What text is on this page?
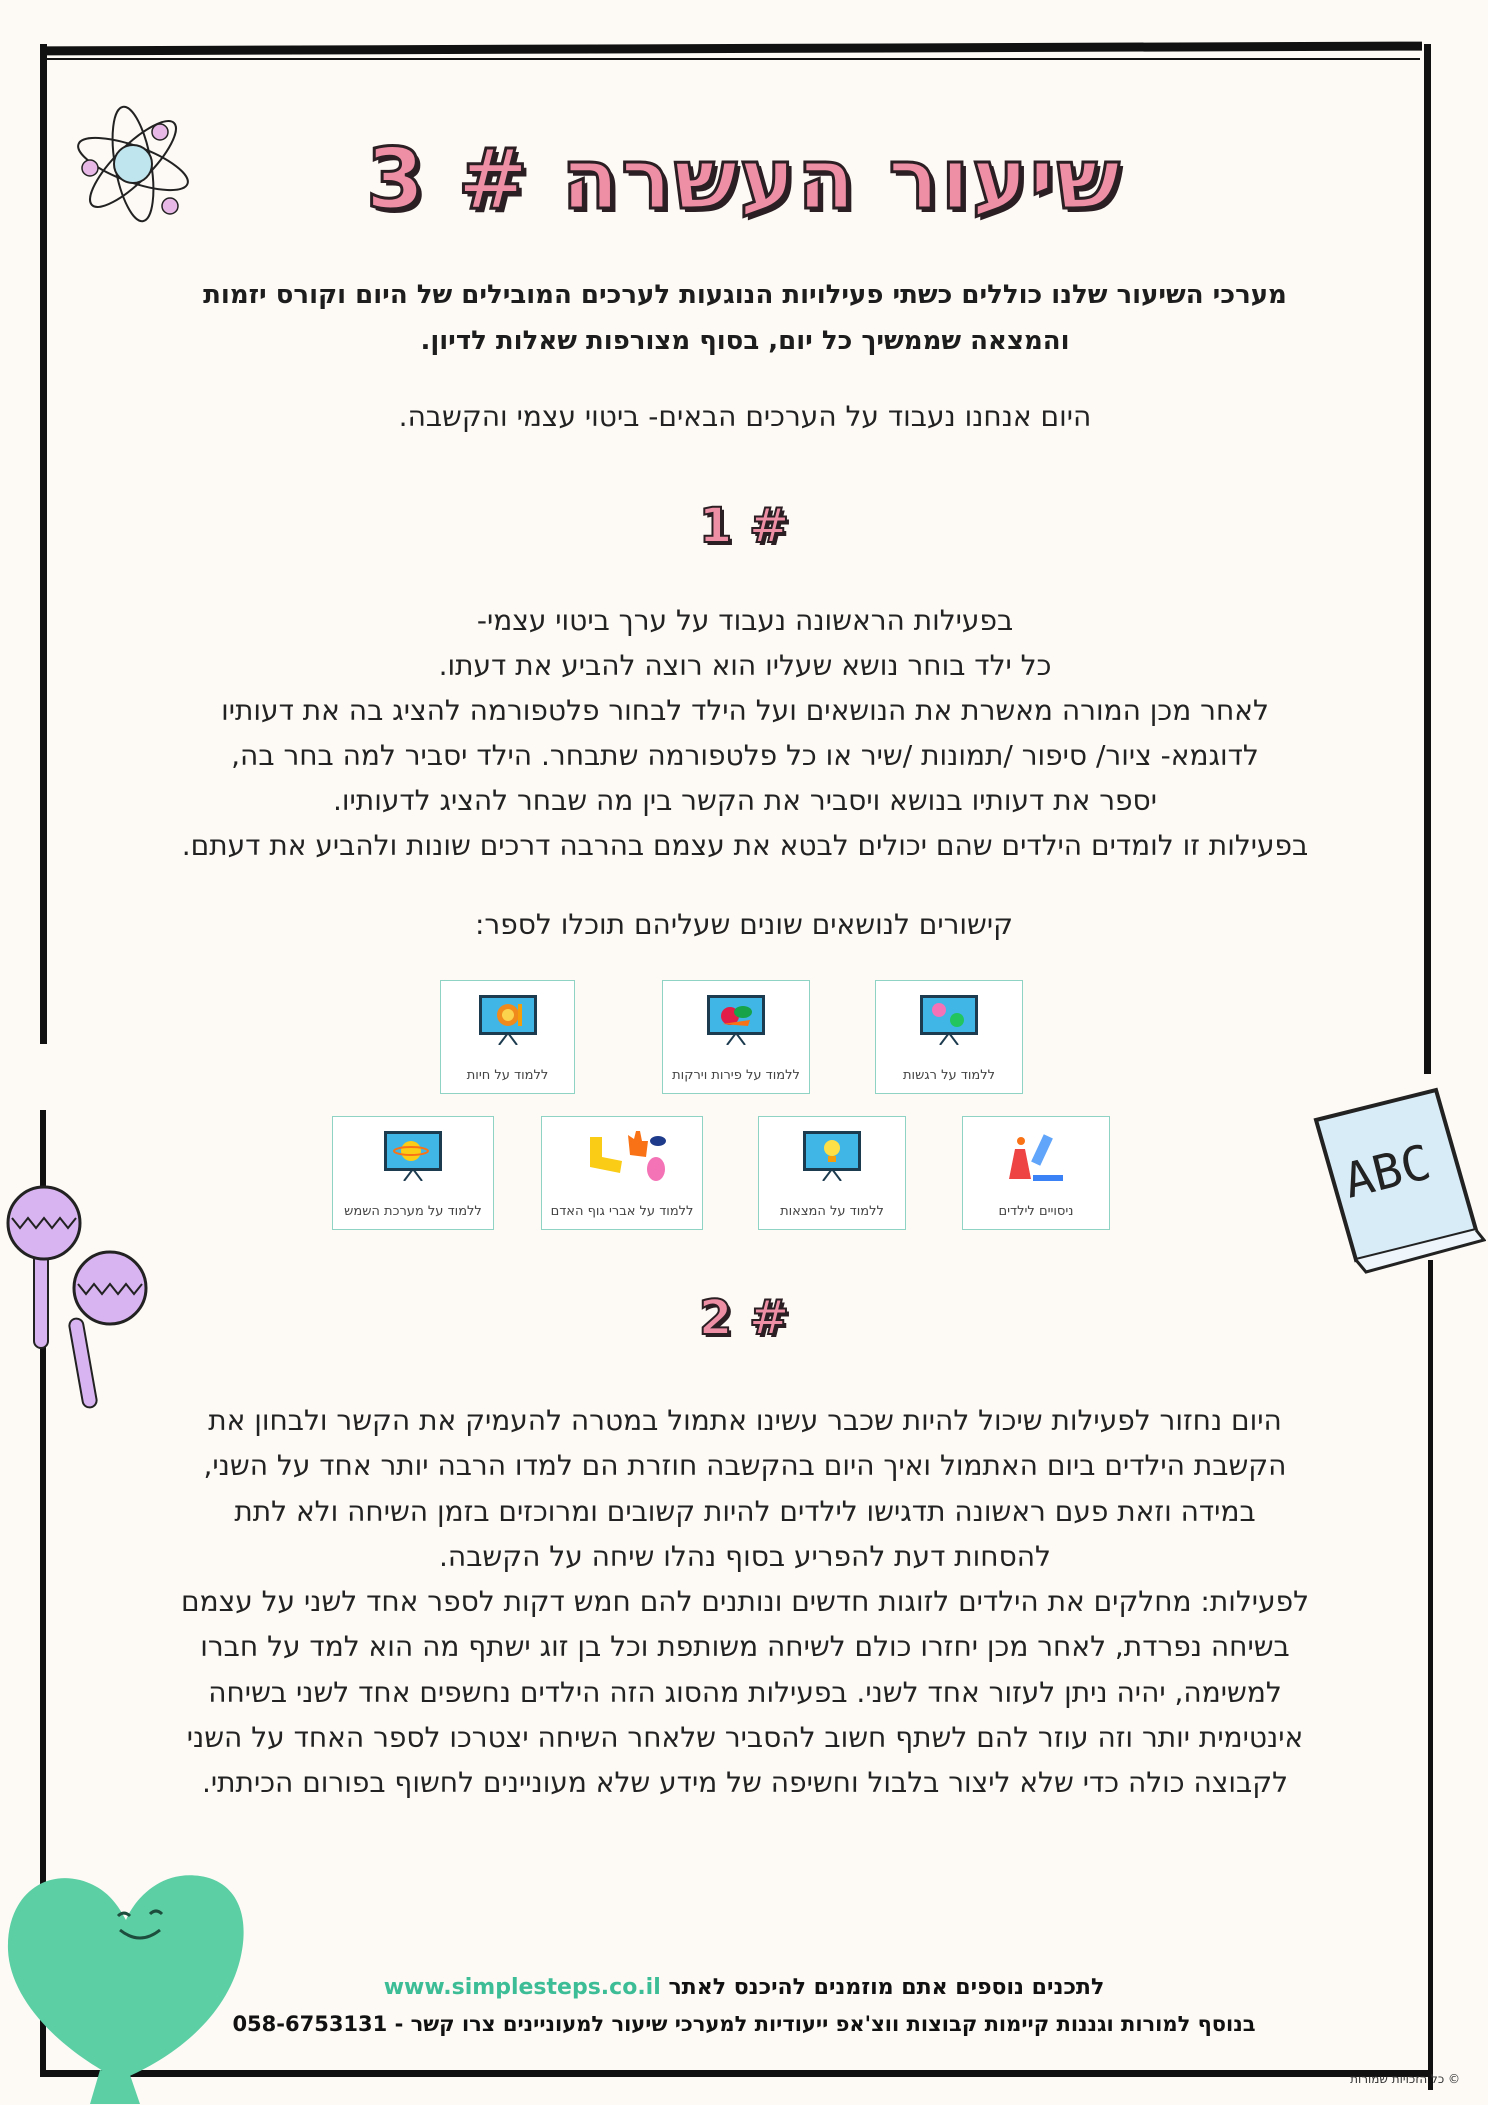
שיעור העשרה # 3
מערכי השיעור שלנו כוללים כשתי פעילויות הנוגעות לערכים המובילים של היום וקורס יזמות
והמצאה שממשיך כל יום, בסוף מצורפות שאלות לדיון.
היום אנחנו נעבוד על הערכים הבאים- ביטוי עצמי והקשבה.
1 #
בפעילות הראשונה נעבוד על ערך ביטוי עצמי-
כל ילד בוחר נושא שעליו הוא רוצה להביע את דעתו.
לאחר מכן המורה מאשרת את הנושאים ועל הילד לבחור פלטפורמה להציג בה את דעותיו
לדוגמא- ציור/ סיפור /תמונות /שיר או כל פלטפורמה שתבחר. הילד יסביר למה בחר בה,
יספר את דעותיו בנושא ויסביר את הקשר בין מה שבחר להציג לדעותיו.
בפעילות זו לומדים הילדים שהם יכולים לבטא את עצמם בהרבה דרכים שונות ולהביע את דעתם.
קישורים לנושאים שונים שעליהם תוכלו לספר:
ללמוד על חיות	ללמוד על פירות וירקות	ללמוד על רגשות
ללמוד על מערכת השמש	ללמוד על אברי גוף האדם	ללמוד על המצאות	ניסויים לילדים
ABC
2 #
היום נחזור לפעילות שיכול להיות שכבר עשינו אתמול במטרה להעמיק את הקשר ולבחון את
הקשבת הילדים ביום האתמול ואיך היום בהקשבה חוזרת הם למדו הרבה יותר אחד על השני,
במידה וזאת פעם ראשונה תדגישו לילדים להיות קשובים ומרוכזים בזמן השיחה ולא לתת
להסחות דעת להפריע בסוף נהלו שיחה על הקשבה.
לפעילות: מחלקים את הילדים לזוגות חדשים ונותנים להם חמש דקות לספר אחד לשני על עצמם
בשיחה נפרדת, לאחר מכן יחזרו כולם לשיחה משותפת וכל בן זוג ישתף מה הוא למד על חברו
למשימה, יהיה ניתן לעזור אחד לשני. בפעילות מהסוג הזה הילדים נחשפים אחד לשני בשיחה
אינטימית יותר וזה עוזר להם לשתף חשוב להסביר שלאחר השיחה יצטרכו לספר האחד על השני
לקבוצה כולה כדי שלא ליצור בלבול וחשיפה של מידע שלא מעוניינים לחשוף בפורום הכיתתי.
לתכנים נוספים אתם מוזמנים להיכנס לאתר www.simplesteps.co.il
בנוסף למורות וגננות קיימות קבוצות ווצ'אפ ייעודיות למערכי שיעור למעוניינים צרו קשר - 058-6753131
© כל הזכויות שמורות
